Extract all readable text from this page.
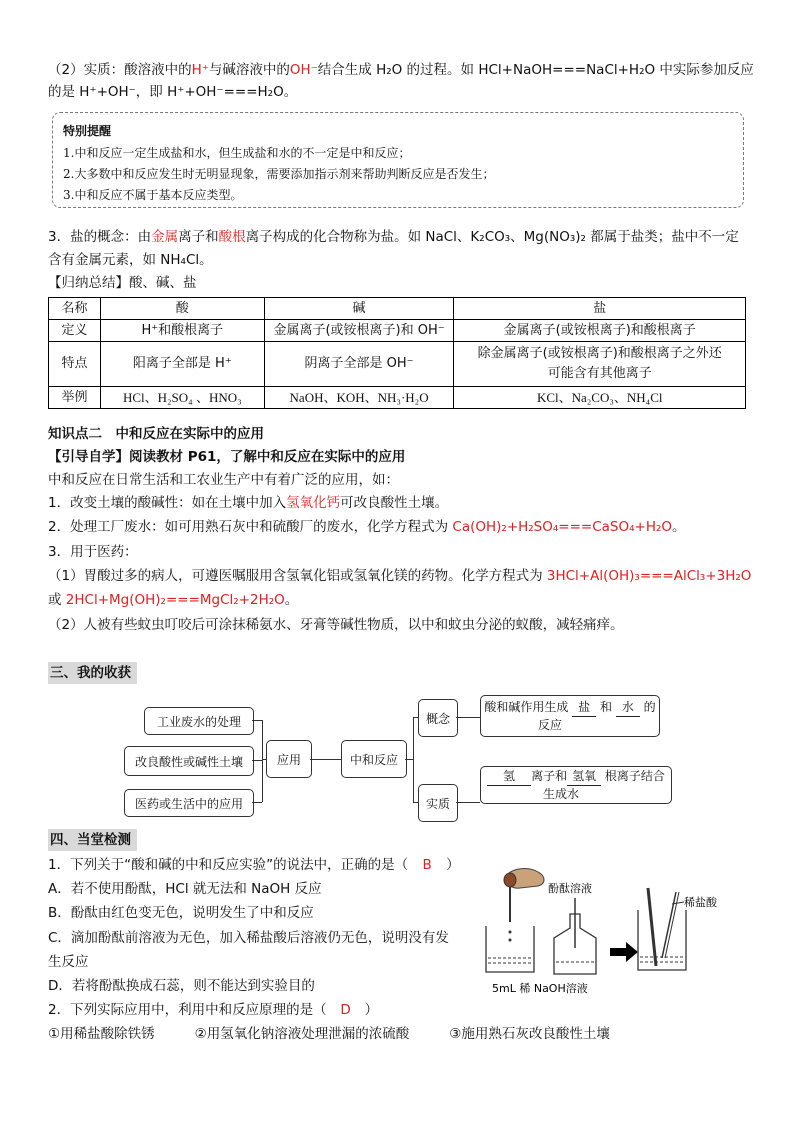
（2）实质：酸溶液中的H⁺与碱溶液中的OH⁻结合生成 H₂O 的过程。如 HCl+NaOH===NaCl+H₂O 中实际参加反应
的是 H⁺+OH⁻，即 H⁺+OH⁻===H₂O。
特别提醒
1.中和反应一定生成盐和水，但生成盐和水的不一定是中和反应；
2.大多数中和反应发生时无明显现象，需要添加指示剂来帮助判断反应是否发生；
3.中和反应不属于基本反应类型。
3．盐的概念：由金属离子和酸根离子构成的化合物称为盐。如 NaCl、K₂CO₃、Mg(NO₃)₂ 都属于盐类；盐中不一定
含有金属元素，如 NH₄Cl。
【归纳总结】酸、碱、盐
名称	酸	碱	盐
定义	H⁺和酸根离子	金属离子(或铵根离子)和 OH⁻	金属离子(或铵根离子)和酸根离子
特点	阳离子全部是 H⁺	阴离子全部是 OH⁻	除金属离子(或铵根离子)和酸根离子之外还
可能含有其他离子

举例	HCl、H₂SO₄ 、HNO₃	NaOH、KOH、NH₃·H₂O	KCl、Na₂CO₃、NH₄Cl
知识点二　中和反应在实际中的应用
【引导自学】阅读教材 P61，了解中和反应在实际中的应用
中和反应在日常生活和工农业生产中有着广泛的应用，如：
1．改变土壤的酸碱性：如在土壤中加入氢氧化钙可改良酸性土壤。
2．处理工厂废水：如可用熟石灰中和硫酸厂的废水，化学方程式为 Ca(OH)₂+H₂SO₄===CaSO₄+H₂O。
3．用于医药：
（1）胃酸过多的病人，可遵医嘱服用含氢氧化铝或氢氧化镁的药物。化学方程式为 3HCl+Al(OH)₃===AlCl₃+3H₂O
或 2HCl+Mg(OH)₂===MgCl₂+2H₂O。
（2）人被有些蚊虫叮咬后可涂抹稀氨水、牙膏等碱性物质，以中和蚊虫分泌的蚁酸，减轻痛痒。
三、我的收获
工业废水的处理
改良酸性或碱性土壤
医药或生活中的应用
应用	中和反应
概念
实质
酸和碱作用生成 盐 和 水 的
反应
氢 离子和 氢氧 根离子结合
生成水
四、当堂检测
1．下列关于“酸和碱的中和反应实验”的说法中，正确的是（ B ）
A．若不使用酚酞，HCl 就无法和 NaOH 反应
B．酚酞由红色变无色，说明发生了中和反应
C．滴加酚酞前溶液为无色，加入稀盐酸后溶液仍无色，说明没有发
生反应
D．若将酚酞换成石蕊，则不能达到实验目的
2．下列实际应用中，利用中和反应原理的是（ D ）
①用稀盐酸除铁锈	②用氢氧化钠溶液处理泄漏的浓硫酸	③施用熟石灰改良酸性土壤
酚酞溶液
稀盐酸
5mL 稀 NaOH溶液
